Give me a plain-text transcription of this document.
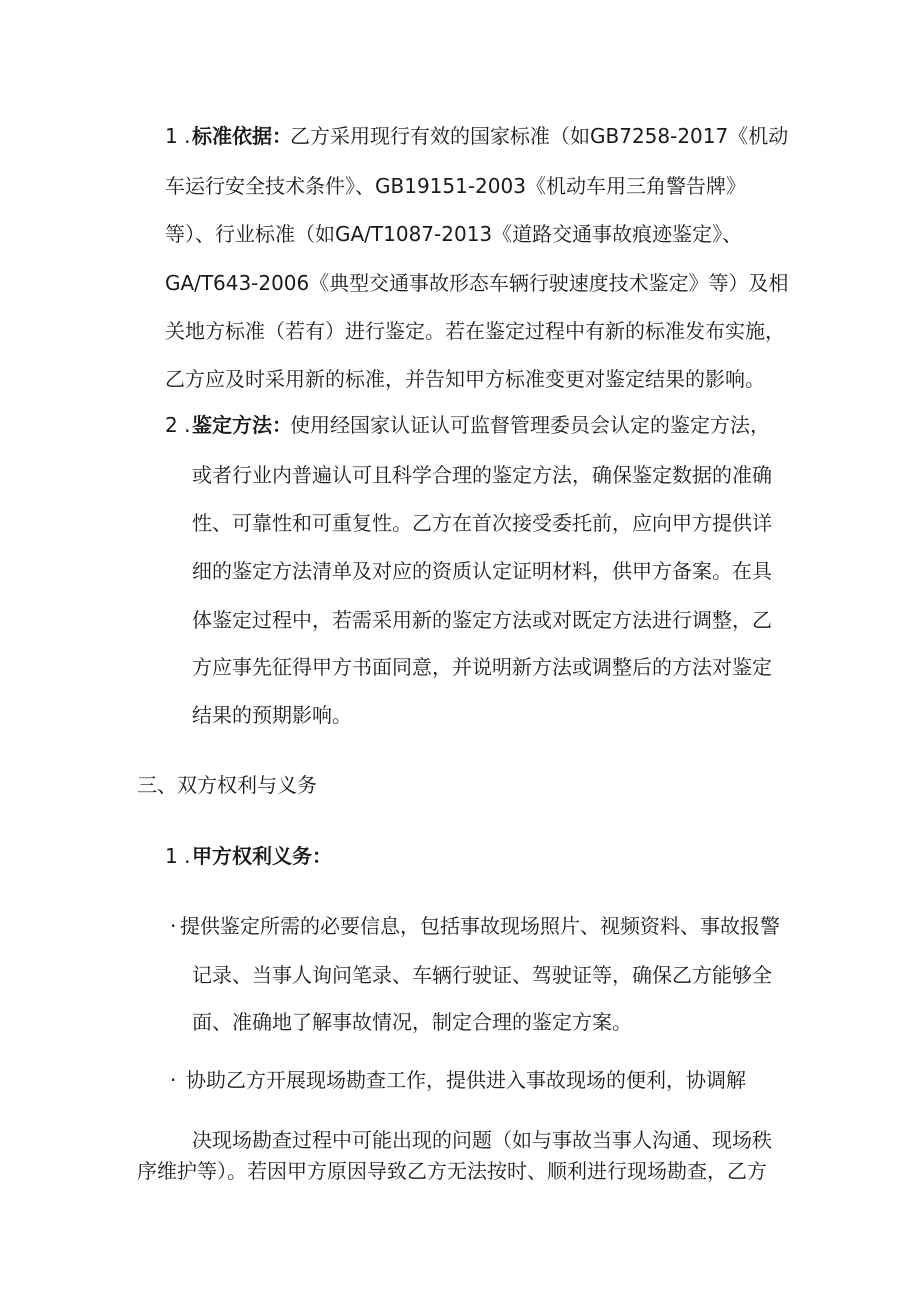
1 . 标准依据：
乙方采用现行有效的国家标准（如GB7258-2017《机动
车运行安全技术条件》、GB19151-2003《机动车用三角警告牌》
等）、行业标准（如GA/T1087-2013《道路交通事故痕迹鉴定》、
GA/T643-2006《典型交通事故形态车辆行驶速度技术鉴定》等）及相
关地方标准（若有）进行鉴定。若在鉴定过程中有新的标准发布实施，
乙方应及时采用新的标准，并告知甲方标准变更对鉴定结果的影响。
2 . 鉴定方法：
使用经国家认证认可监督管理委员会认定的鉴定方法，
或者行业内普遍认可且科学合理的鉴定方法，确保鉴定数据的准确
性、可靠性和可重复性。乙方在首次接受委托前，应向甲方提供详
细的鉴定方法清单及对应的资质认定证明材料，供甲方备案。在具
体鉴定过程中，若需采用新的鉴定方法或对既定方法进行调整，乙
方应事先征得甲方书面同意，并说明新方法或调整后的方法对鉴定
结果的预期影响。
三、双方权利与义务
1 . 甲方权利义务：
· 提供鉴定所需的必要信息，包括事故现场照片、视频资料、事故报警
记录、当事人询问笔录、车辆行驶证、驾驶证等，确保乙方能够全
面、准确地了解事故情况，制定合理的鉴定方案。
· 协助乙方开展现场勘查工作，提供进入事故现场的便利，协调解
决现场勘查过程中可能出现的问题（如与事故当事人沟通、现场秩
序维护等）。若因甲方原因导致乙方无法按时、顺利进行现场勘查，乙方
